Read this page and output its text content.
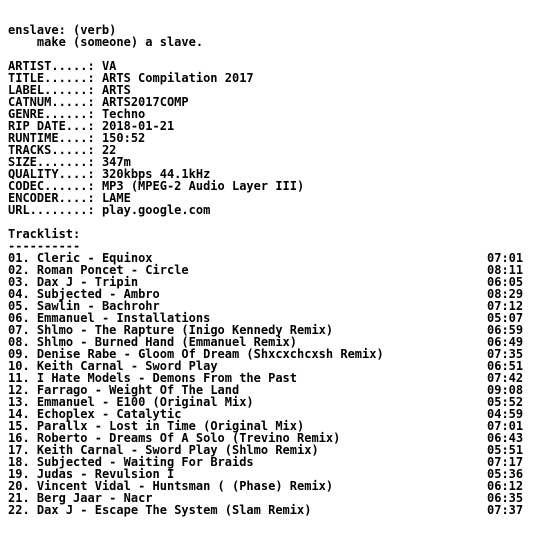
enslave: (verb)
make (someone) a slave.
ARTIST.....: VA
TITLE......: ARTS Compilation 2017
LABEL......: ARTS
CATNUM.....: ARTS2017COMP
GENRE......: Techno
RIP DATE...: 2018-01-21
RUNTIME....: 150:52
TRACKS.....: 22
SIZE.......: 347m
QUALITY....: 320kbps 44.1kHz
CODEC......: MP3 (MPEG-2 Audio Layer III)
ENCODER....: LAME
URL........: play.google.com
Tracklist:
----------
01. Cleric - Equinox	07:01
02. Roman Poncet - Circle	08:11
03. Dax J - Tripin	06:05
04. Subjected - Ambro	08:29
05. Sawlin - Bachrohr	07:12
06. Emmanuel - Installations	05:07
07. Shlmo - The Rapture (Inigo Kennedy Remix)	06:59
08. Shlmo - Burned Hand (Emmanuel Remix)	06:49
09. Denise Rabe - Gloom Of Dream (Shxcxchcxsh Remix)	07:35
10. Keith Carnal - Sword Play	06:51
11. I Hate Models - Demons From the Past	07:42
12. Farrago - Weight Of The Land	09:08
13. Emmanuel - E100 (Original Mix)	05:52
14. Echoplex - Catalytic	04:59
15. Parallx - Lost in Time (Original Mix)	07:01
16. Roberto - Dreams Of A Solo (Trevino Remix)	06:43
17. Keith Carnal - Sword Play (Shlmo Remix)	05:51
18. Subjected - Waiting For Braids	07:17
19. Judas - Revulsion I	05:36
20. Vincent Vidal - Huntsman ( (Phase) Remix)	06:12
21. Berg Jaar - Nacr	06:35
22. Dax J - Escape The System (Slam Remix)	07:37
